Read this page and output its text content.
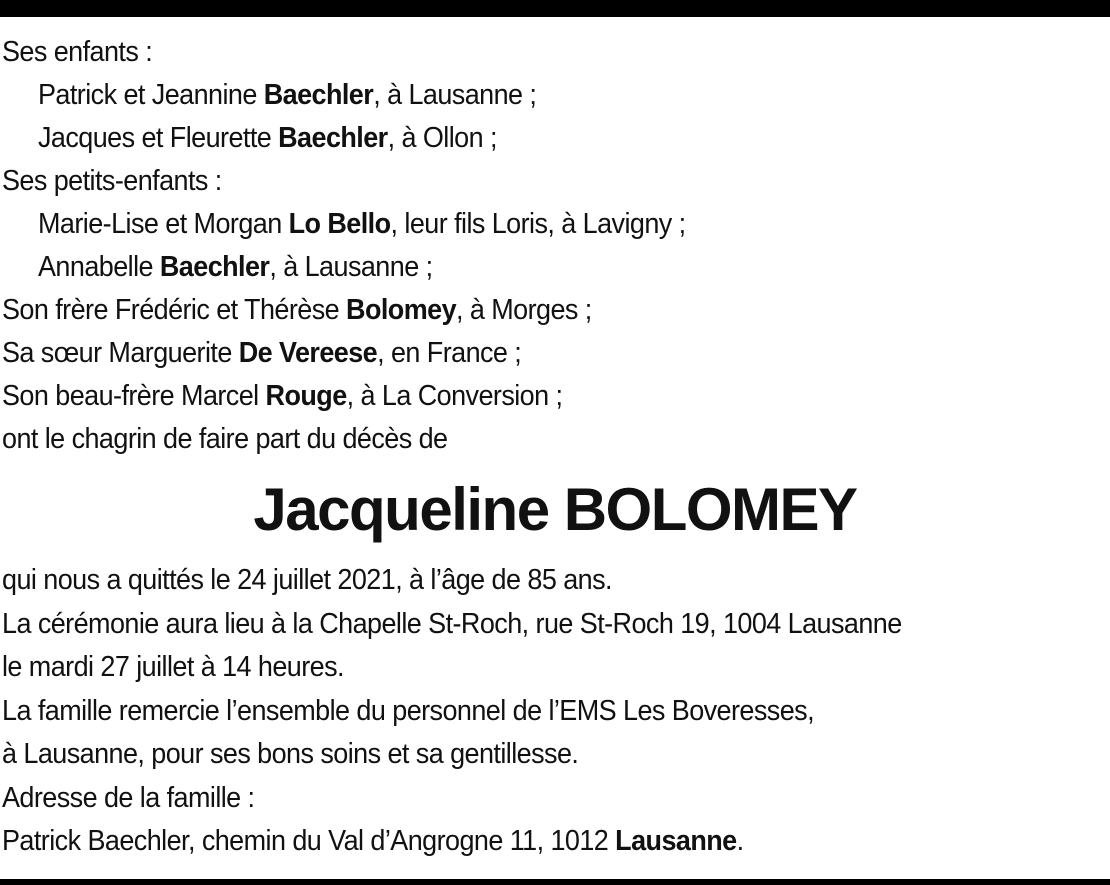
Ses enfants :
Patrick et Jeannine Baechler, à Lausanne ;
Jacques et Fleurette Baechler, à Ollon ;
Ses petits-enfants :
Marie-Lise et Morgan Lo Bello, leur fils Loris, à Lavigny ;
Annabelle Baechler, à Lausanne ;
Son frère Frédéric et Thérèse Bolomey, à Morges ;
Sa sœur Marguerite De Vereese, en France ;
Son beau-frère Marcel Rouge, à La Conversion ;
ont le chagrin de faire part du décès de
Jacqueline BOLOMEY
qui nous a quittés le 24 juillet 2021, à l’âge de 85 ans.
La cérémonie aura lieu à la Chapelle St-Roch, rue St-Roch 19, 1004 Lausanne
le mardi 27 juillet à 14 heures.
La famille remercie l’ensemble du personnel de l’EMS Les Boveresses,
à Lausanne, pour ses bons soins et sa gentillesse.
Adresse de la famille :
Patrick Baechler, chemin du Val d’Angrogne 11, 1012 Lausanne.
